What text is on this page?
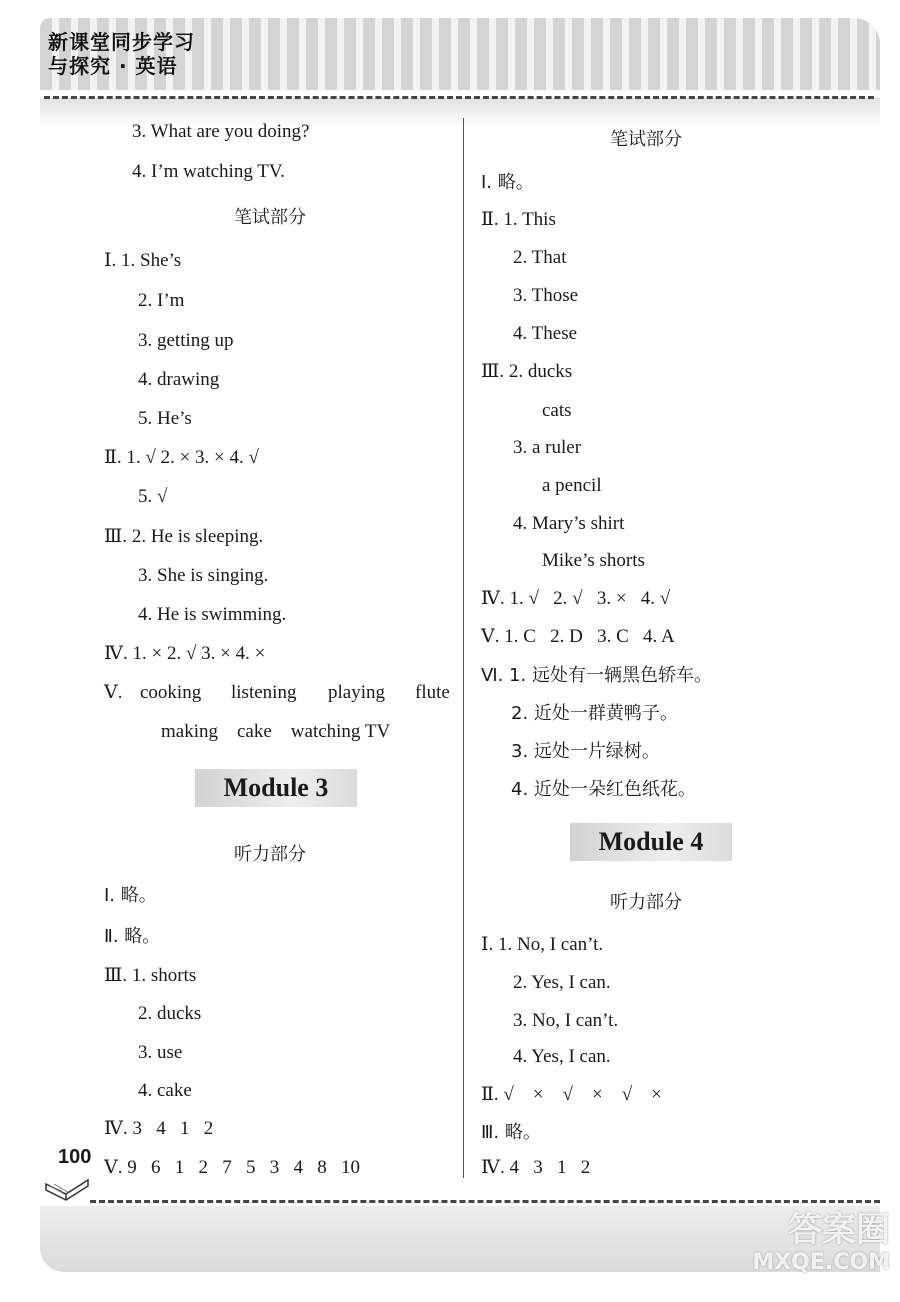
新课堂同步学习
与探究 · 英语
3. What are you doing?
4. I’m watching TV.
笔试部分
Ⅰ. 1. She’s
2. I’m
3. getting up
4. drawing
5. He’s
Ⅱ. 1. √ 2. × 3. × 4. √
5. √
Ⅲ. 2. He is sleeping.
3. She is singing.
4. He is swimming.
Ⅳ. 1. × 2. √ 3. × 4. ×
Ⅴ. cooking listening playing flute
making    cake    watching TV
Module 3
听力部分
Ⅰ. 略。
Ⅱ. 略。
Ⅲ. 1. shorts
2. ducks
3. use
4. cake
Ⅳ. 3   4   1   2
Ⅴ. 9   6   1   2   7   5   3   4   8   10
笔试部分
Ⅰ. 略。
Ⅱ. 1. This
2. That
3. Those
4. These
Ⅲ. 2. ducks
cats
3. a ruler
a pencil
4. Mary’s shirt
Mike’s shorts
Ⅳ. 1. √   2. √   3. ×   4. √
Ⅴ. 1. C   2. D   3. C   4. A
Ⅵ. 1. 远处有一辆黑色轿车。
2. 近处一群黄鸭子。
3. 远处一片绿树。
4. 近处一朵红色纸花。
Module 4
听力部分
Ⅰ. 1. No, I can’t.
2. Yes, I can.
3. No, I can’t.
4. Yes, I can.
Ⅱ. √    ×    √    ×    √    ×
Ⅲ. 略。
Ⅳ. 4   3   1   2
100
答案圈
MXQE.COM
